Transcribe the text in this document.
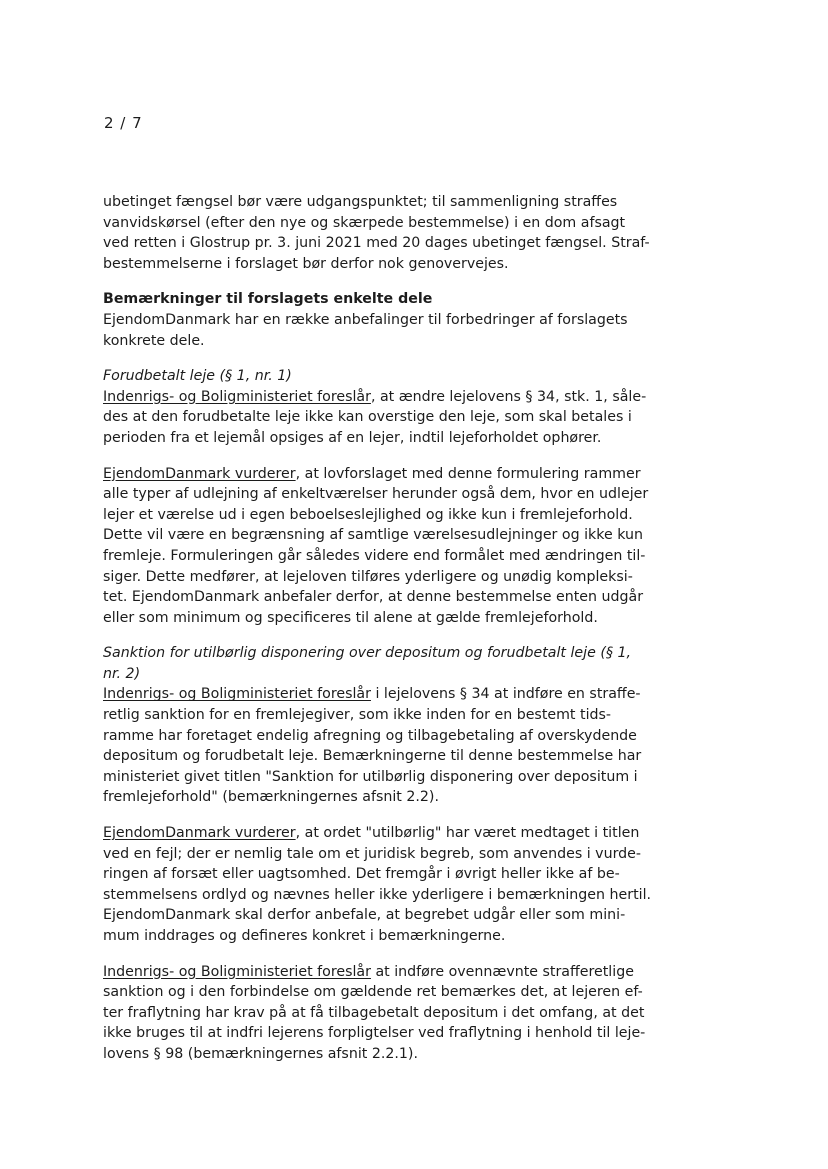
2 / 7
ubetinget fængsel bør være udgangspunktet; til sammenligning straffes
vanvidskørsel (efter den nye og skærpede bestemmelse) i en dom afsagt
ved retten i Glostrup pr. 3. juni 2021 med 20 dages ubetinget fængsel. Straf-
bestemmelserne i forslaget bør derfor nok genovervejes.
Bemærkninger til forslagets enkelte dele
EjendomDanmark har en række anbefalinger til forbedringer af forslagets
konkrete dele.
Forudbetalt leje (§ 1, nr. 1)
Indenrigs- og Boligministeriet foreslår, at ændre lejelovens § 34, stk. 1, såle-
des at den forudbetalte leje ikke kan overstige den leje, som skal betales i
perioden fra et lejemål opsiges af en lejer, indtil lejeforholdet ophører.
EjendomDanmark vurderer, at lovforslaget med denne formulering rammer
alle typer af udlejning af enkeltværelser herunder også dem, hvor en udlejer
lejer et værelse ud i egen beboelseslejlighed og ikke kun i fremlejeforhold.
Dette vil være en begrænsning af samtlige værelsesudlejninger og ikke kun
fremleje. Formuleringen går således videre end formålet med ændringen til-
siger. Dette medfører, at lejeloven tilføres yderligere og unødig kompleksi-
tet. EjendomDanmark anbefaler derfor, at denne bestemmelse enten udgår
eller som minimum og specificeres til alene at gælde fremlejeforhold.
Sanktion for utilbørlig disponering over depositum og forudbetalt leje (§ 1,
nr. 2)
Indenrigs- og Boligministeriet foreslår i lejelovens § 34 at indføre en straffe-
retlig sanktion for en fremlejegiver, som ikke inden for en bestemt tids-
ramme har foretaget endelig afregning og tilbagebetaling af overskydende
depositum og forudbetalt leje. Bemærkningerne til denne bestemmelse har
ministeriet givet titlen "Sanktion for utilbørlig disponering over depositum i
fremlejeforhold" (bemærkningernes afsnit 2.2).
EjendomDanmark vurderer, at ordet "utilbørlig" har været medtaget i titlen
ved en fejl; der er nemlig tale om et juridisk begreb, som anvendes i vurde-
ringen af forsæt eller uagtsomhed. Det fremgår i øvrigt heller ikke af be-
stemmelsens ordlyd og nævnes heller ikke yderligere i bemærkningen hertil.
EjendomDanmark skal derfor anbefale, at begrebet udgår eller som mini-
mum inddrages og defineres konkret i bemærkningerne.
Indenrigs- og Boligministeriet foreslår at indføre ovennævnte strafferetlige
sanktion og i den forbindelse om gældende ret bemærkes det, at lejeren ef-
ter fraflytning har krav på at få tilbagebetalt depositum i det omfang, at det
ikke bruges til at indfri lejerens forpligtelser ved fraflytning i henhold til leje-
lovens § 98 (bemærkningernes afsnit 2.2.1).
